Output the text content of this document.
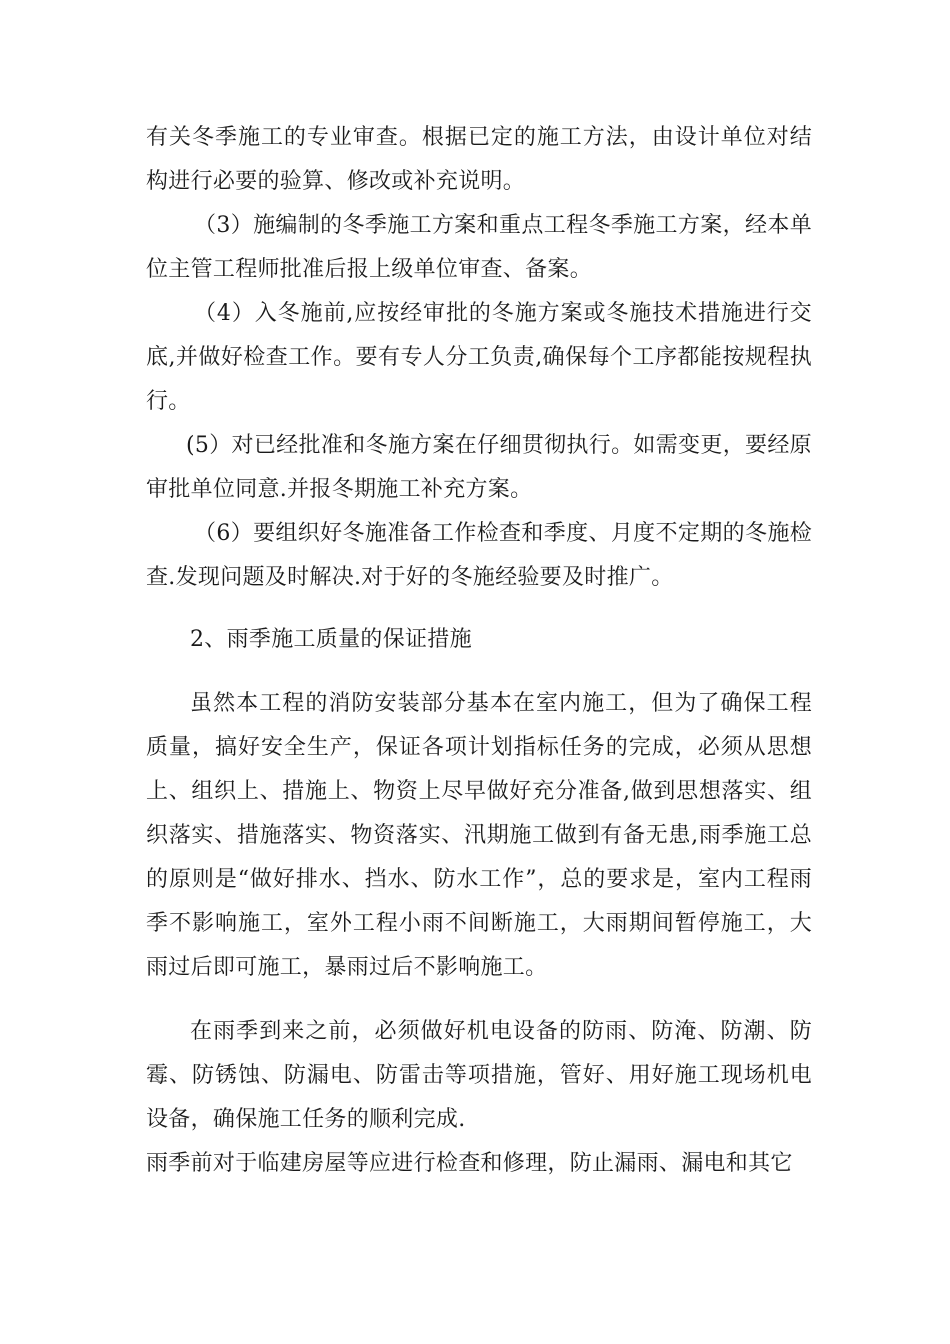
有关冬季施工的专业审查。根据已定的施工方法，由设计单位对结构进行必要的验算、修改或补充说明。

（3）施编制的冬季施工方案和重点工程冬季施工方案，经本单位主管工程师批准后报上级单位审查、备案。

（4）入冬施前,应按经审批的冬施方案或冬施技术措施进行交底,并做好检查工作。要有专人分工负责,确保每个工序都能按规程执行。

(5）对已经批准和冬施方案在仔细贯彻执行。如需变更，要经原审批单位同意.并报冬期施工补充方案。

（6）要组织好冬施准备工作检查和季度、月度不定期的冬施检查.发现问题及时解决.对于好的冬施经验要及时推广。

2、雨季施工质量的保证措施

虽然本工程的消防安装部分基本在室内施工，但为了确保工程质量，搞好安全生产，保证各项计划指标任务的完成，必须从思想上、组织上、措施上、物资上尽早做好充分准备,做到思想落实、组织落实、措施落实、物资落实、汛期施工做到有备无患,雨季施工总的原则是“做好排水、挡水、防水工作”，总的要求是，室内工程雨季不影响施工，室外工程小雨不间断施工，大雨期间暂停施工，大雨过后即可施工，暴雨过后不影响施工。

在雨季到来之前，必须做好机电设备的防雨、防淹、防潮、防霉、防锈蚀、防漏电、防雷击等项措施，管好、用好施工现场机电设备，确保施工任务的顺利完成.

雨季前对于临建房屋等应进行检查和修理，防止漏雨、漏电和其它
